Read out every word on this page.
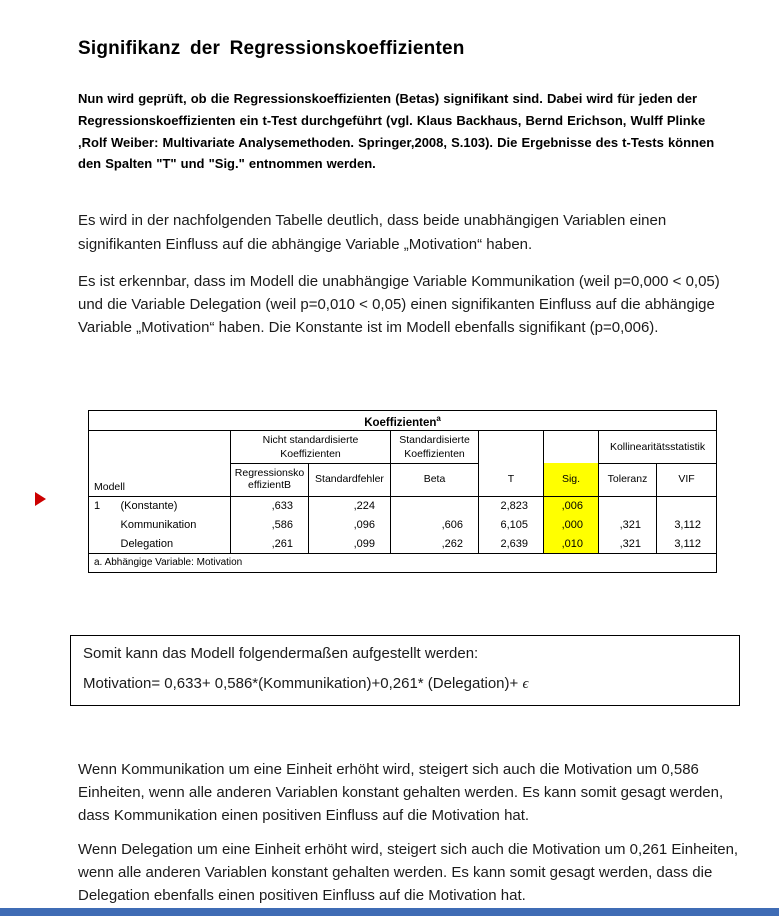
Signifikanz der Regressionskoeffizienten

Nun wird geprüft, ob die Regressionskoeffizienten (Betas) signifikant sind. Dabei wird für jeden der Regressionskoeffizienten ein t-Test durchgeführt (vgl. Klaus Backhaus, Bernd Erichson, Wulff Plinke ,Rolf Weiber: Multivariate Analysemethoden. Springer,2008, S.103). Die Ergebnisse des t-Tests können den Spalten "T" und "Sig." entnommen werden.

Es wird in der nachfolgenden Tabelle deutlich, dass beide unabhängigen Variablen einen signifikanten Einfluss auf die abhängige Variable „Motivation“ haben.

Es ist erkennbar, dass im Modell die unabhängige Variable Kommunikation (weil p=0,000 < 0,05) und die Variable Delegation (weil p=0,010 < 0,05) einen signifikanten Einfluss auf die abhängige Variable „Motivation“ haben. Die Konstante ist im Modell ebenfalls signifikant (p=0,006).

Koeffizienten$^a$
Modell		Nicht standardisierte Koeffizienten		Standardisierte Koeffizienten			Kollinearitätsstatistik	
		RegressionskoeffizientB	Standardfehler	Beta	T	Sig.	Toleranz	VIF
1	(Konstante)	,633	,224		2,823	,006		
	Kommunikation	,586	,096	,606	6,105	,000	,321	3,112
	Delegation	,261	,099	,262	2,639	,010	,321	3,112
a. Abhängige Variable: Motivation								

Somit kann das Modell folgendermaßen aufgestellt werden:

Motivation= 0,633+ 0,586*(Kommunikation)+0,261* (Delegation)+ ϵ

Wenn Kommunikation um eine Einheit erhöht wird, steigert sich auch die Motivation um 0,586 Einheiten, wenn alle anderen Variablen konstant gehalten werden. Es kann somit gesagt werden, dass Kommunikation einen positiven Einfluss auf die Motivation hat.

Wenn Delegation um eine Einheit erhöht wird, steigert sich auch die Motivation um 0,261 Einheiten, wenn alle anderen Variablen konstant gehalten werden. Es kann somit gesagt werden, dass die Delegation ebenfalls einen positiven Einfluss auf die Motivation hat.
